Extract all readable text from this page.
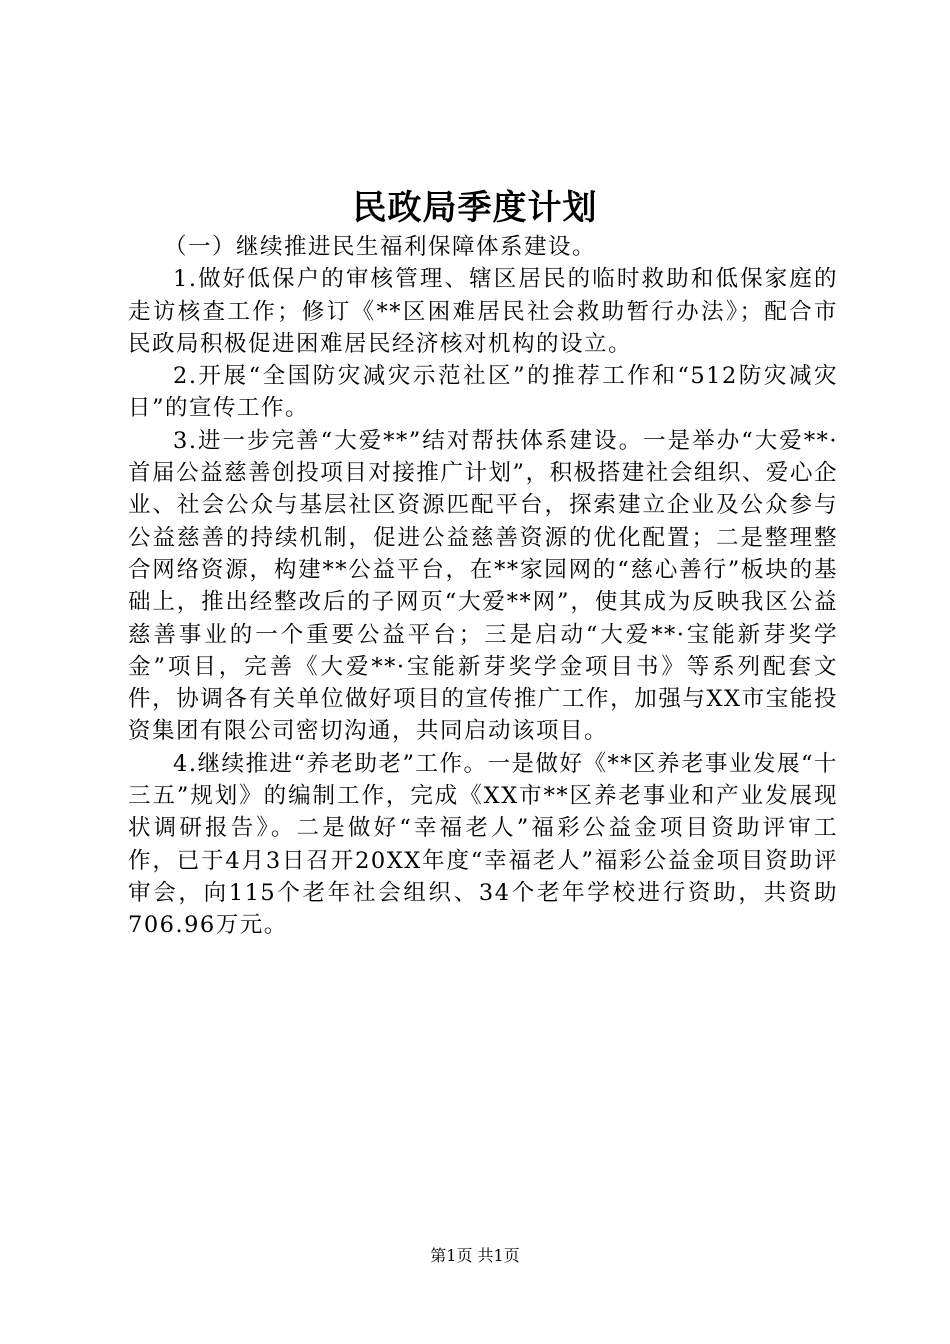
民政局季度计划

（一）继续推进民生福利保障体系建设。

1.做好低保户的审核管理、辖区居民的临时救助和低保家庭的走访核查工作；修订《**区困难居民社会救助暂行办法》；配合市民政局积极促进困难居民经济核对机构的设立。

2.开展“全国防灾减灾示范社区”的推荐工作和“512防灾减灾日”的宣传工作。

3.进一步完善“大爱**”结对帮扶体系建设。一是举办“大爱**·首届公益慈善创投项目对接推广计划”，积极搭建社会组织、爱心企业、社会公众与基层社区资源匹配平台，探索建立企业及公众参与公益慈善的持续机制，促进公益慈善资源的优化配置；二是整理整合网络资源，构建**公益平台，在**家园网的“慈心善行”板块的基础上，推出经整改后的子网页“大爱**网”，使其成为反映我区公益慈善事业的一个重要公益平台；三是启动“大爱**·宝能新芽奖学金”项目，完善《大爱**·宝能新芽奖学金项目书》等系列配套文件，协调各有关单位做好项目的宣传推广工作，加强与XX市宝能投资集团有限公司密切沟通，共同启动该项目。

4.继续推进“养老助老”工作。一是做好《**区养老事业发展“十三五”规划》的编制工作，完成《XX市**区养老事业和产业发展现状调研报告》。二是做好“幸福老人”福彩公益金项目资助评审工作，已于4月3日召开20XX年度“幸福老人”福彩公益金项目资助评审会，向115个老年社会组织、34个老年学校进行资助，共资助706.96万元。

第1页 共1页
